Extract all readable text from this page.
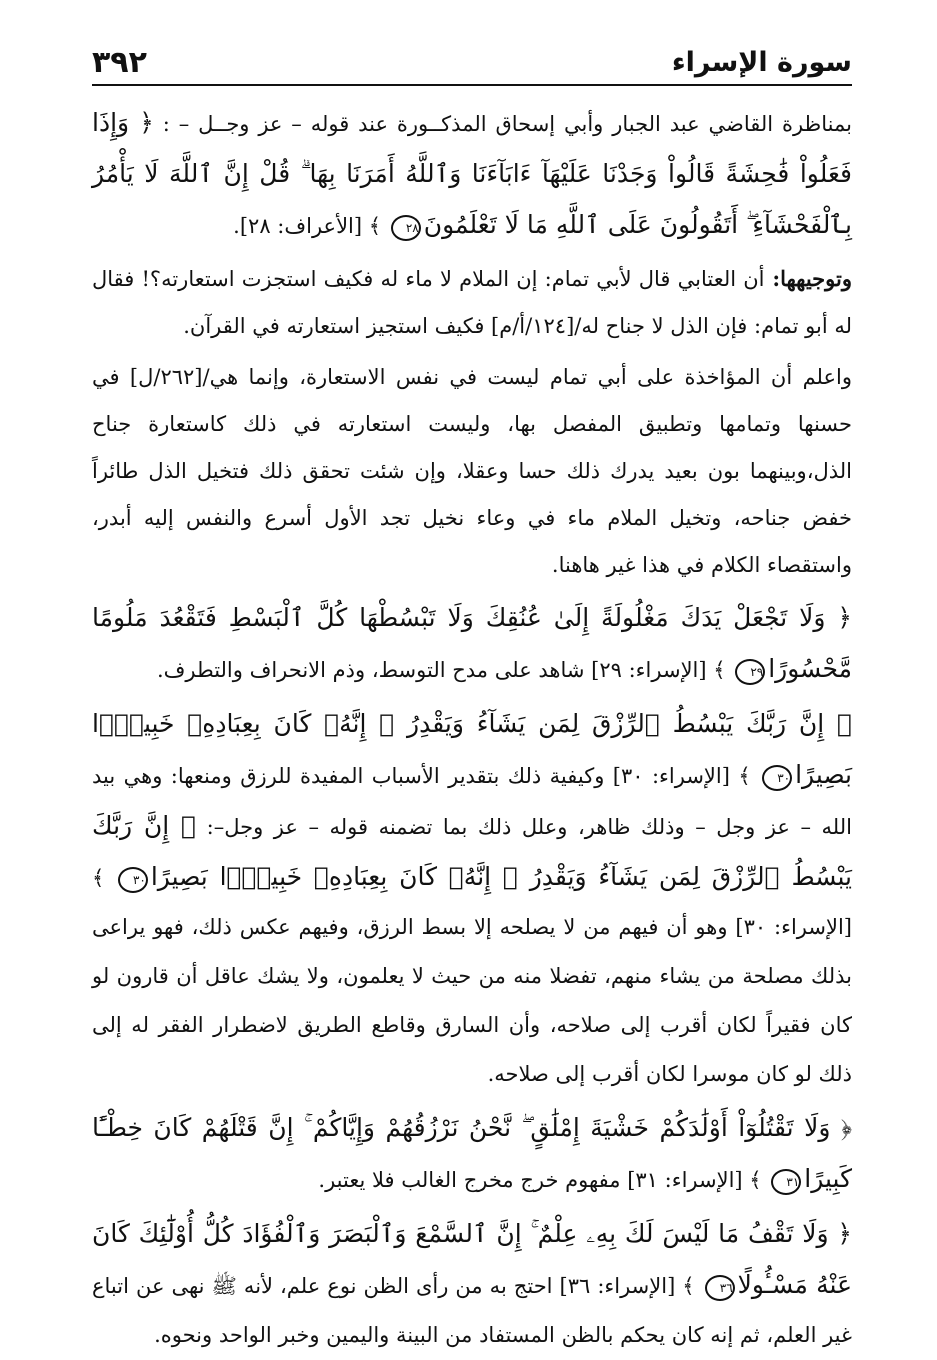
سورة الإسراء
٣٩٢

بمناظرة القاضي عبد الجبار وأبي إسحاق المذكــورة عند قوله – عز وجــل – : ﴿ وَإِذَا فَعَلُواْ فَٰحِشَةً قَالُواْ وَجَدْنَا عَلَيْهَآ ءَابَآءَنَا وَٱللَّهُ أَمَرَنَا بِهَا ۗ قُلْ إِنَّ ٱللَّهَ لَا يَأْمُرُ بِٱلْفَحْشَآءِ ۖ أَتَقُولُونَ عَلَى ٱللَّهِ مَا لَا تَعْلَمُونَ٢٨ ﴾ [الأعراف: ٢٨].

وتوجيهها: أن العتابي قال لأبي تمام: إن الملام لا ماء له فكيف استجزت استعارته؟! فقال له أبو تمام: فإن الذل لا جناح له/[١٢٤/أ/م] فكيف استجيز استعارته في القرآن.

واعلم أن المؤاخذة على أبي تمام ليست في نفس الاستعارة، وإنما هي/[٢٦٢/ل] في حسنها وتمامها وتطبيق المفصل بها، وليست استعارته في ذلك كاستعارة جناح الذل،وبينهما بون بعيد يدرك ذلك حسا وعقلا، وإن شئت تحقق ذلك فتخيل الذل طائراً خفض جناحه، وتخيل الملام ماء في وعاء نخيل تجد الأول أسرع والنفس إليه أبدر، واستقصاء الكلام في هذا غير هاهنا.

﴿ وَلَا تَجْعَلْ يَدَكَ مَغْلُولَةً إِلَىٰ عُنُقِكَ وَلَا تَبْسُطْهَا كُلَّ ٱلْبَسْطِ فَتَقْعُدَ مَلُومًا مَّحْسُورًا٢٩ ﴾ [الإسراء: ٢٩] شاهد على مدح التوسط، وذم الانحراف والتطرف.

﴿ إِنَّ رَبَّكَ يَبْسُطُ ٱلرِّزْقَ لِمَن يَشَآءُ وَيَقْدِرُ ۚ إِنَّهُۥ كَانَ بِعِبَادِهِۦ خَبِيرًۢا بَصِيرًا٣٠ ﴾ [الإسراء: ٣٠] وكيفية ذلك بتقدير الأسباب المفيدة للرزق ومنعها: وهي بيد الله – عز وجل – وذلك ظاهر، وعلل ذلك بما تضمنه قوله – عز وجل–: ﴿ إِنَّ رَبَّكَ يَبْسُطُ ٱلرِّزْقَ لِمَن يَشَآءُ وَيَقْدِرُ ۚ إِنَّهُۥ كَانَ بِعِبَادِهِۦ خَبِيرًۢا بَصِيرًا٣٠ ﴾ [الإسراء: ٣٠] وهو أن فيهم من لا يصلحه إلا بسط الرزق، وفيهم عكس ذلك، فهو يراعى بذلك مصلحة من يشاء منهم، تفضلا منه من حيث لا يعلمون، ولا يشك عاقل أن قارون لو كان فقيراً لكان أقرب إلى صلاحه، وأن السارق وقاطع الطريق لاضطرار الفقر له إلى ذلك لو كان موسرا لكان أقرب إلى صلاحه.

﴿ وَلَا تَقْتُلُوٓاْ أَوْلَٰدَكُمْ خَشْيَةَ إِمْلَٰقٍ ۖ نَّحْنُ نَرْزُقُهُمْ وَإِيَّاكُمْ ۚ إِنَّ قَتْلَهُمْ كَانَ خِطْـًٔا كَبِيرًا٣١ ﴾ [الإسراء: ٣١] مفهوم خرج مخرج الغالب فلا يعتبر.

﴿ وَلَا تَقْفُ مَا لَيْسَ لَكَ بِهِۦ عِلْمٌ ۚ إِنَّ ٱلسَّمْعَ وَٱلْبَصَرَ وَٱلْفُؤَادَ كُلُّ أُوْلَٰٓئِكَ كَانَ عَنْهُ مَسْـُٔولًا٣٦ ﴾ [الإسراء: ٣٦] احتج به من رأى الظن نوع علم، لأنه ﷺ نهى عن اتباع غير العلم، ثم إنه كان يحكم بالظن المستفاد من البينة واليمين وخبر الواحد ونحوه.
